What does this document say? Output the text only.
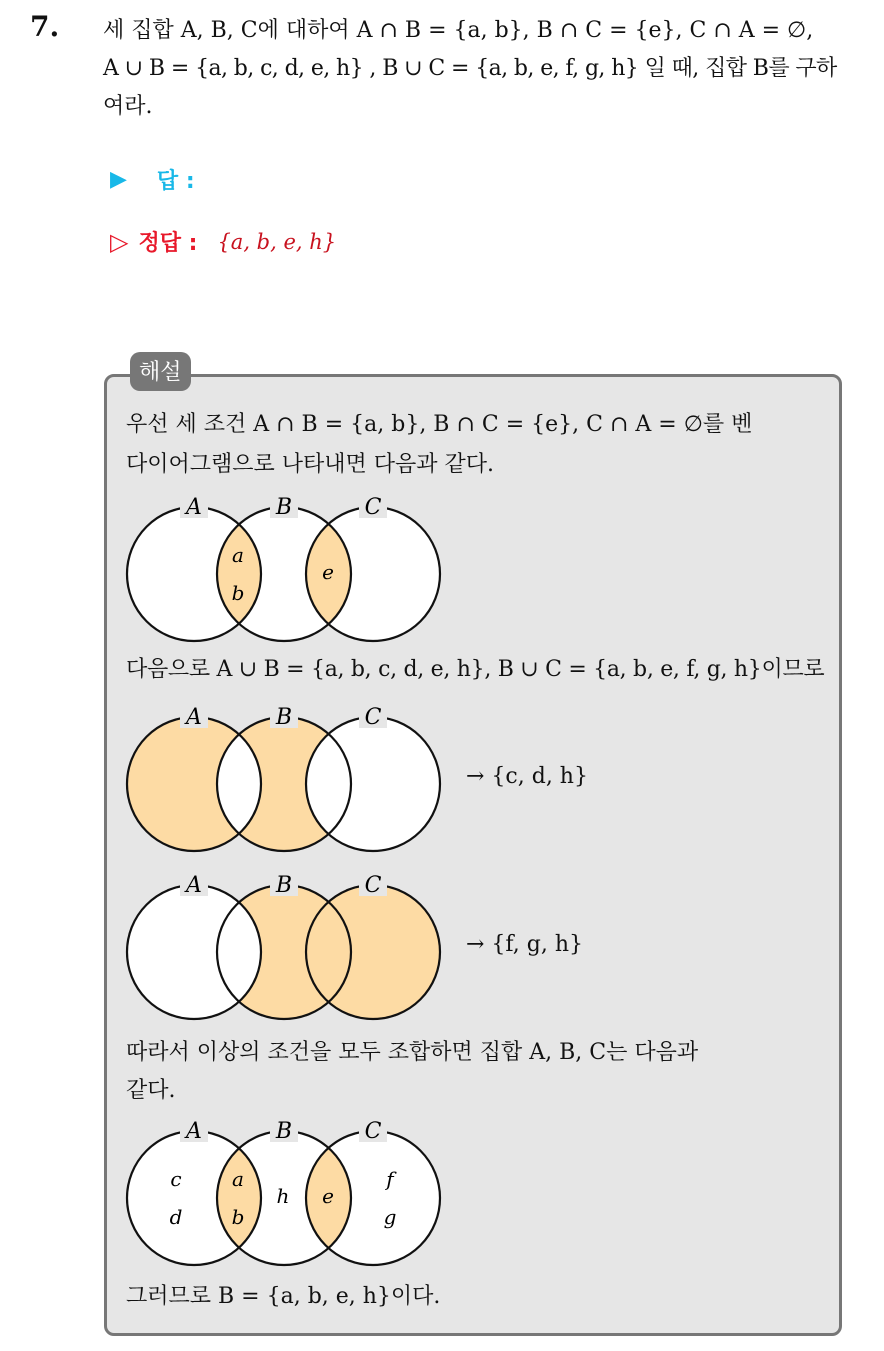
7. 세 집합 A, B, C에 대하여 A ∩ B = {a, b}, B ∩ C = {e}, C ∩ A = ∅,
A ∪ B = {a, b, c, d, e, h} , B ∪ C = {a, b, e, f, g, h} 일 때, 집합 B를 구하
여라.
▶ 답 :
▷ 정답 : {a, b, e, h}
해설
우선 세 조건 A ∩ B = {a, b}, B ∩ C = {e}, C ∩ A = ∅를 벤
다이어그램으로 나타내면 다음과 같다.
A	B	C
a
b
e
다음으로 A ∪ B = {a, b, c, d, e, h}, B ∪ C = {a, b, e, f, g, h}이므로
A	B	C
→ {c, d, h}
A	B	C
→ {f, g, h}
따라서 이상의 조건을 모두 조합하면 집합 A, B, C는 다음과
같다.
A	B	C
c
d
a
b
h e
f
g
그러므로 B = {a, b, e, h}이다.
